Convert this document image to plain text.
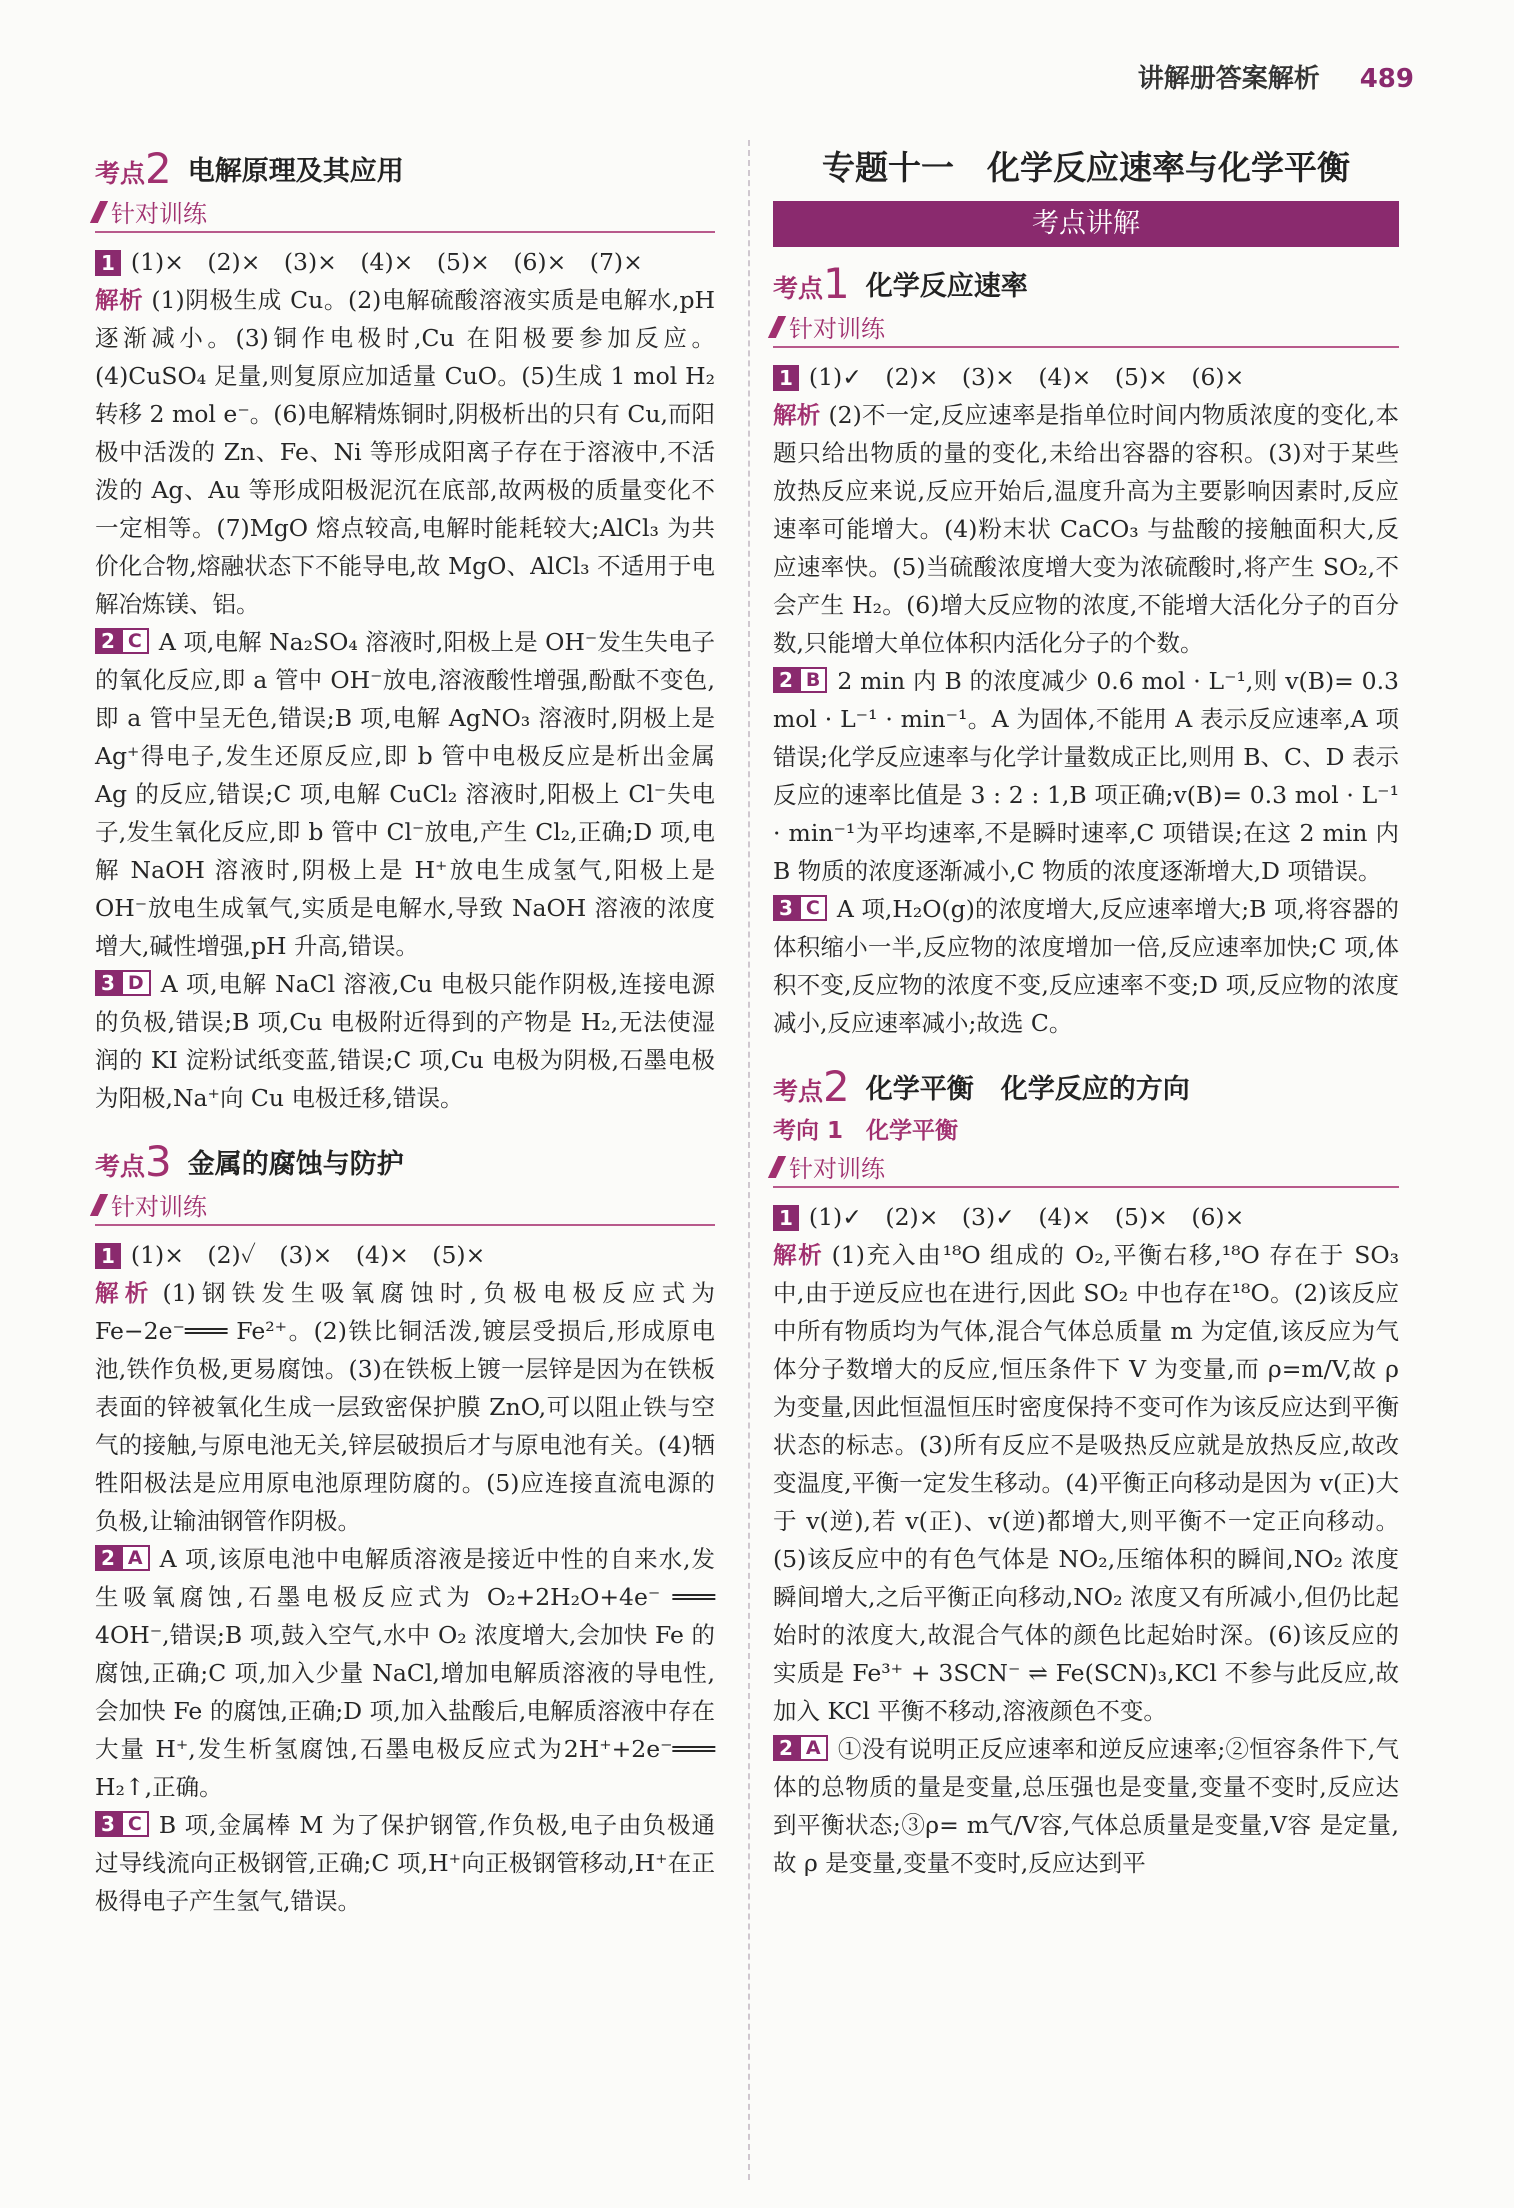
讲解册答案解析 489
考点 2 电解原理及其应用
针对训练

1 (1)×　(2)×　(3)×　(4)×　(5)×　(6)×　(7)×

解析 (1)阴极生成 Cu。(2)电解硫酸溶液实质是电解水,pH 逐渐减小。(3)铜作电极时,Cu 在阳极要参加反应。(4)CuSO₄ 足量,则复原应加适量 CuO。(5)生成 1 mol H₂ 转移 2 mol e⁻。(6)电解精炼铜时,阴极析出的只有 Cu,而阳极中活泼的 Zn、Fe、Ni 等形成阳离子存在于溶液中,不活泼的 Ag、Au 等形成阳极泥沉在底部,故两极的质量变化不一定相等。(7)MgO 熔点较高,电解时能耗较大;AlCl₃ 为共价化合物,熔融状态下不能导电,故 MgO、AlCl₃ 不适用于电解冶炼镁、铝。

2 C A 项,电解 Na₂SO₄ 溶液时,阳极上是 OH⁻发生失电子的氧化反应,即 a 管中 OH⁻放电,溶液酸性增强,酚酞不变色,即 a 管中呈无色,错误;B 项,电解 AgNO₃ 溶液时,阴极上是 Ag⁺得电子,发生还原反应,即 b 管中电极反应是析出金属 Ag 的反应,错误;C 项,电解 CuCl₂ 溶液时,阳极上 Cl⁻失电子,发生氧化反应,即 b 管中 Cl⁻放电,产生 Cl₂,正确;D 项,电解 NaOH 溶液时,阴极上是 H⁺放电生成氢气,阳极上是 OH⁻放电生成氧气,实质是电解水,导致 NaOH 溶液的浓度增大,碱性增强,pH 升高,错误。

3 D A 项,电解 NaCl 溶液,Cu 电极只能作阴极,连接电源的负极,错误;B 项,Cu 电极附近得到的产物是 H₂,无法使湿润的 KI 淀粉试纸变蓝,错误;C 项,Cu 电极为阴极,石墨电极为阳极,Na⁺向 Cu 电极迁移,错误。

考点 3 金属的腐蚀与防护
针对训练

1 (1)×　(2)✓　(3)×　(4)×　(5)×

解析 (1)钢铁发生吸氧腐蚀时,负极电极反应式为 Fe−2e⁻═══ Fe²⁺。(2)铁比铜活泼,镀层受损后,形成原电池,铁作负极,更易腐蚀。(3)在铁板上镀一层锌是因为在铁板表面的锌被氧化生成一层致密保护膜 ZnO,可以阻止铁与空气的接触,与原电池无关,锌层破损后才与原电池有关。(4)牺牲阳极法是应用原电池原理防腐的。(5)应连接直流电源的负极,让输油钢管作阴极。

2 A A 项,该原电池中电解质溶液是接近中性的自来水,发生吸氧腐蚀,石墨电极反应式为 O₂+2H₂O+4e⁻ ═══ 4OH⁻,错误;B 项,鼓入空气,水中 O₂ 浓度增大,会加快 Fe 的腐蚀,正确;C 项,加入少量 NaCl,增加电解质溶液的导电性,会加快 Fe 的腐蚀,正确;D 项,加入盐酸后,电解质溶液中存在大量 H⁺,发生析氢腐蚀,石墨电极反应式为2H⁺+2e⁻═══ H₂↑,正确。

3 C B 项,金属棒 M 为了保护钢管,作负极,电子由负极通过导线流向正极钢管,正确;C 项,H⁺向正极钢管移动,H⁺在正极得电子产生氢气,错误。

专题十一　化学反应速率与化学平衡
考点讲解
考点 1 化学反应速率
针对训练

1 (1)✓　(2)×　(3)×　(4)×　(5)×　(6)×

解析 (2)不一定,反应速率是指单位时间内物质浓度的变化,本题只给出物质的量的变化,未给出容器的容积。(3)对于某些放热反应来说,反应开始后,温度升高为主要影响因素时,反应速率可能增大。(4)粉末状 CaCO₃ 与盐酸的接触面积大,反应速率快。(5)当硫酸浓度增大变为浓硫酸时,将产生 SO₂,不会产生 H₂。(6)增大反应物的浓度,不能增大活化分子的百分数,只能增大单位体积内活化分子的个数。

2 B 2 min 内 B 的浓度减少 0.6 mol · L⁻¹,则 v(B)= 0.3 mol · L⁻¹ · min⁻¹。A 为固体,不能用 A 表示反应速率,A 项错误;化学反应速率与化学计量数成正比,则用 B、C、D 表示反应的速率比值是 3 : 2 : 1,B 项正确;v(B)= 0.3 mol · L⁻¹ · min⁻¹为平均速率,不是瞬时速率,C 项错误;在这 2 min 内 B 物质的浓度逐渐减小,C 物质的浓度逐渐增大,D 项错误。

3 C A 项,H₂O(g)的浓度增大,反应速率增大;B 项,将容器的体积缩小一半,反应物的浓度增加一倍,反应速率加快;C 项,体积不变,反应物的浓度不变,反应速率不变;D 项,反应物的浓度减小,反应速率减小;故选 C。

考点 2 化学平衡　化学反应的方向
考向 1　化学平衡
针对训练

1 (1)✓　(2)×　(3)✓　(4)×　(5)×　(6)×

解析 (1)充入由¹⁸O 组成的 O₂,平衡右移,¹⁸O 存在于 SO₃ 中,由于逆反应也在进行,因此 SO₂ 中也存在¹⁸O。(2)该反应中所有物质均为气体,混合气体总质量 m 为定值,该反应为气体分子数增大的反应,恒压条件下 V 为变量,而 ρ=m/V,故 ρ 为变量,因此恒温恒压时密度保持不变可作为该反应达到平衡状态的标志。(3)所有反应不是吸热反应就是放热反应,故改变温度,平衡一定发生移动。(4)平衡正向移动是因为 v(正)大于 v(逆),若 v(正)、v(逆)都增大,则平衡不一定正向移动。(5)该反应中的有色气体是 NO₂,压缩体积的瞬间,NO₂ 浓度瞬间增大,之后平衡正向移动,NO₂ 浓度又有所减小,但仍比起始时的浓度大,故混合气体的颜色比起始时深。(6)该反应的实质是 Fe³⁺ + 3SCN⁻ ⇌ Fe(SCN)₃,KCl 不参与此反应,故加入 KCl 平衡不移动,溶液颜色不变。

2 A ①没有说明正反应速率和逆反应速率;②恒容条件下,气体的总物质的量是变量,总压强也是变量,变量不变时,反应达到平衡状态;③ρ= m气/V容,气体总质量是变量,V容 是定量,故 ρ 是变量,变量不变时,反应达到平
